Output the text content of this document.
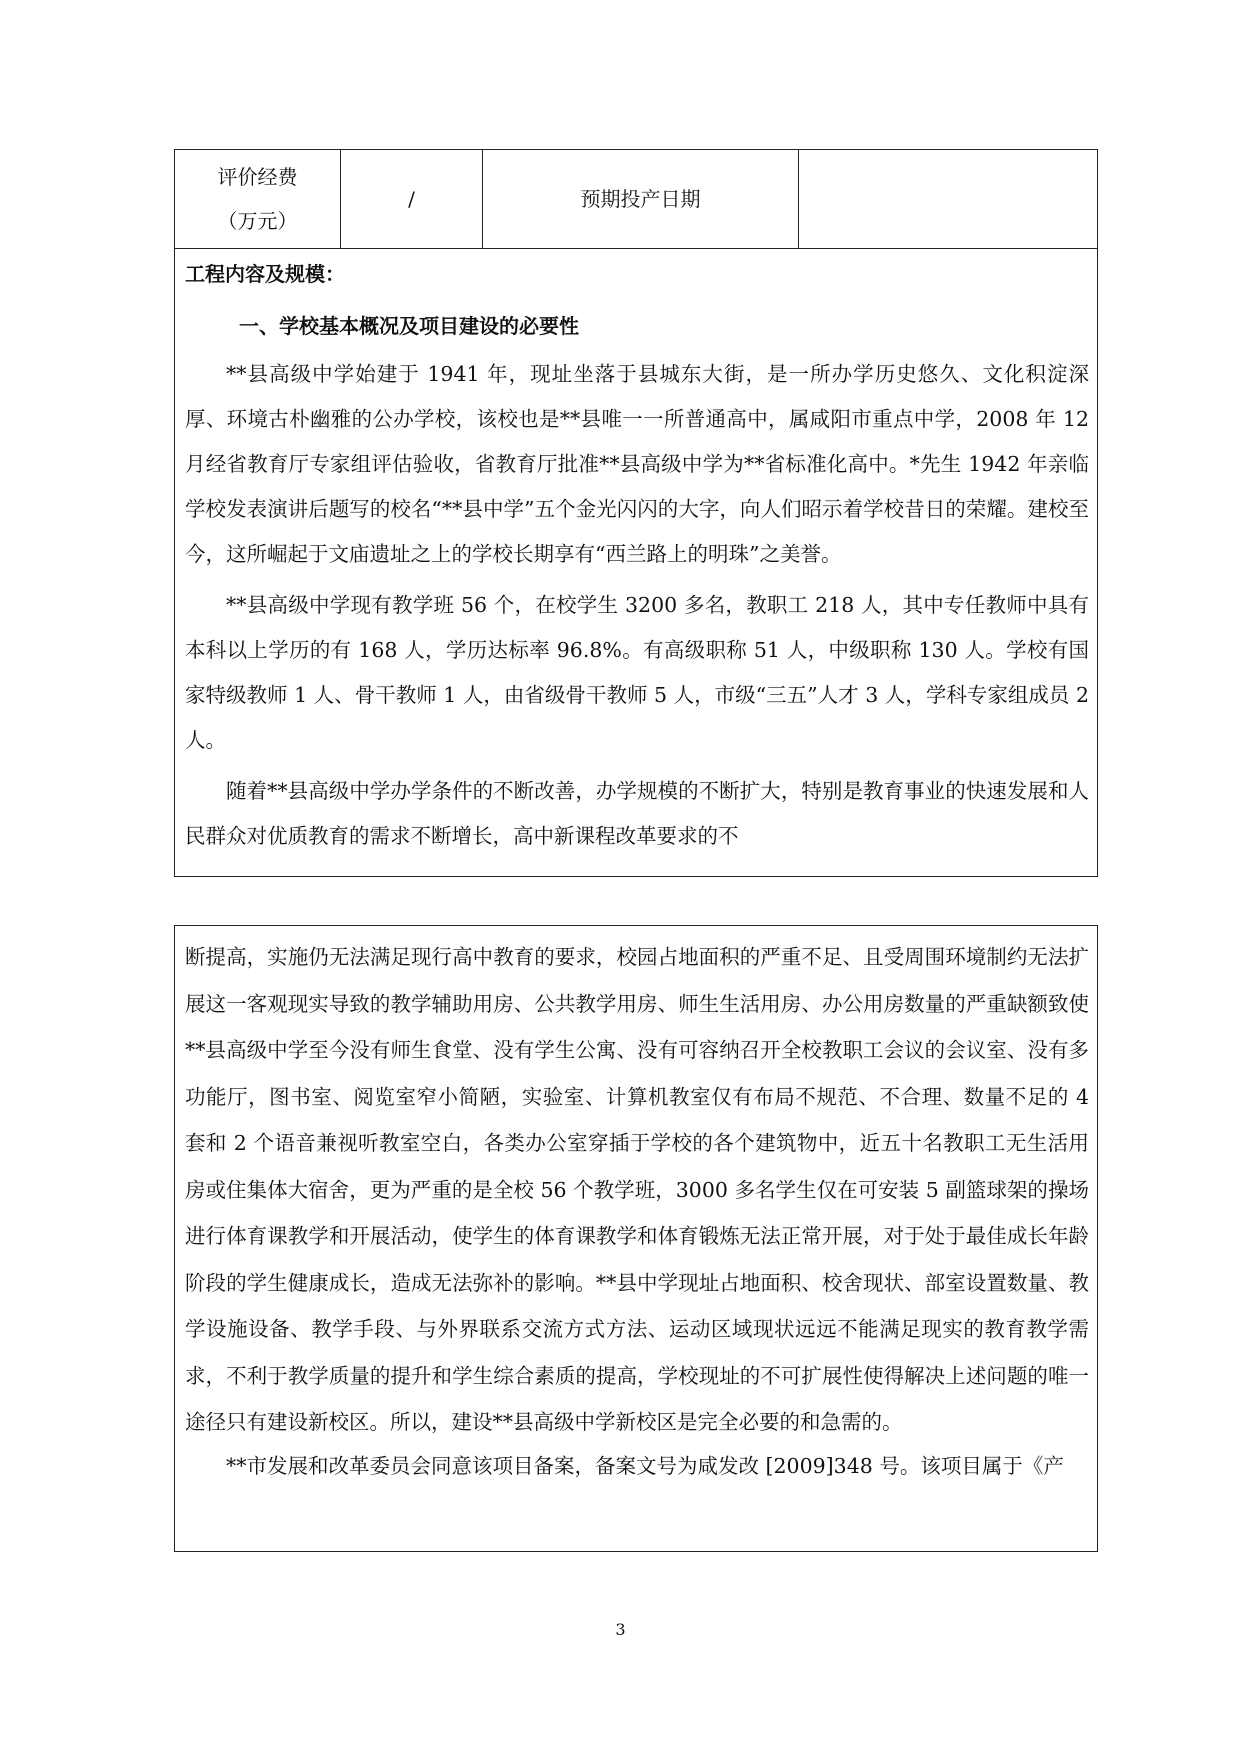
评价经费
（万元）
/	预期投产日期

工程内容及规模：

一、学校基本概况及项目建设的必要性

**县高级中学始建于 1941 年，现址坐落于县城东大街，是一所办学历史悠久、文化积淀深厚、环境古朴幽雅的公办学校，该校也是**县唯一一所普通高中，属咸阳市重点中学，2008 年 12 月经省教育厅专家组评估验收，省教育厅批准**县高级中学为**省标准化高中。*先生 1942 年亲临学校发表演讲后题写的校名“**县中学”五个金光闪闪的大字，向人们昭示着学校昔日的荣耀。建校至今，这所崛起于文庙遗址之上的学校长期享有“西兰路上的明珠”之美誉。

**县高级中学现有教学班 56 个，在校学生 3200 多名，教职工 218 人，其中专任教师中具有本科以上学历的有 168 人，学历达标率 96.8%。有高级职称 51 人，中级职称 130 人。学校有国家特级教师 1 人、骨干教师 1 人，由省级骨干教师 5 人，市级“三五”人才 3 人，学科专家组成员 2 人。

随着**县高级中学办学条件的不断改善，办学规模的不断扩大，特别是教育事业的快速发展和人民群众对优质教育的需求不断增长，高中新课程改革要求的不

断提高，实施仍无法满足现行高中教育的要求，校园占地面积的严重不足、且受周围环境制约无法扩展这一客观现实导致的教学辅助用房、公共教学用房、师生生活用房、办公用房数量的严重缺额致使**县高级中学至今没有师生食堂、没有学生公寓、没有可容纳召开全校教职工会议的会议室、没有多功能厅，图书室、阅览室窄小简陋，实验室、计算机教室仅有布局不规范、不合理、数量不足的 4 套和 2 个语音兼视听教室空白，各类办公室穿插于学校的各个建筑物中，近五十名教职工无生活用房或住集体大宿舍，更为严重的是全校 56 个教学班，3000 多名学生仅在可安装 5 副篮球架的操场进行体育课教学和开展活动，使学生的体育课教学和体育锻炼无法正常开展，对于处于最佳成长年龄阶段的学生健康成长，造成无法弥补的影响。**县中学现址占地面积、校舍现状、部室设置数量、教学设施设备、教学手段、与外界联系交流方式方法、运动区域现状远远不能满足现实的教育教学需求，不利于教学质量的提升和学生综合素质的提高，学校现址的不可扩展性使得解决上述问题的唯一途径只有建设新校区。所以，建设**县高级中学新校区是完全必要的和急需的。

**市发展和改革委员会同意该项目备案，备案文号为咸发改 [2009]348 号。该项目属于《产

3
